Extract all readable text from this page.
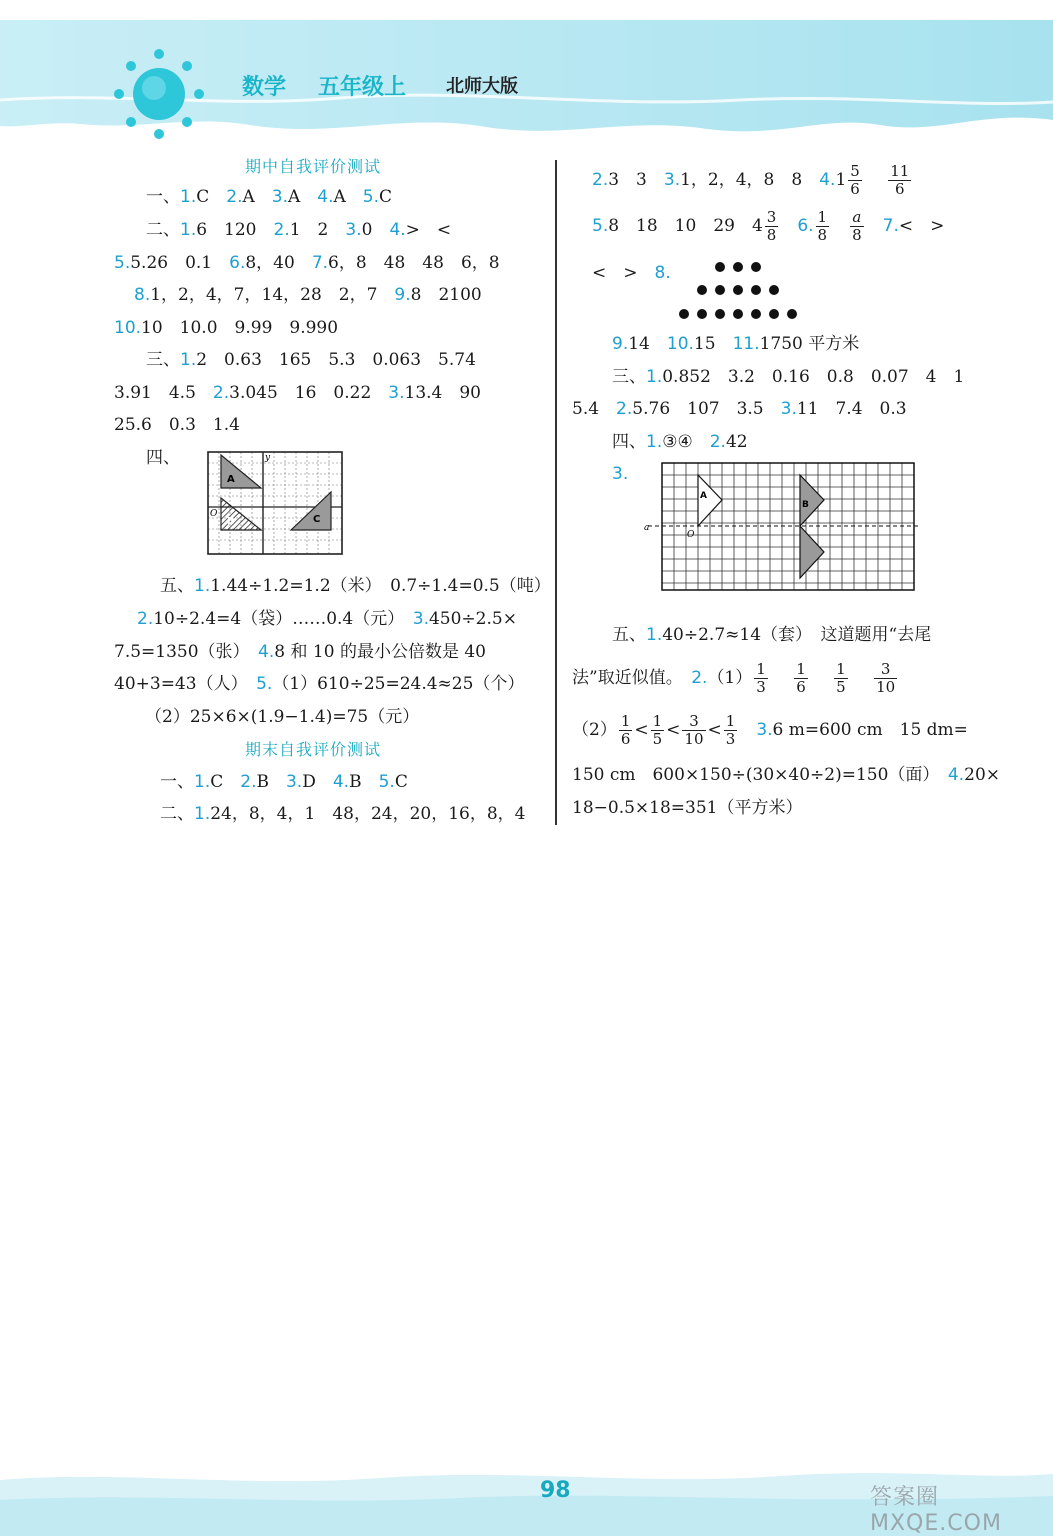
数学 五年级上 北师大版
期中自我评价测试
一、1.C　 2.A　 3.A　 4.A　 5.C
二、1.6　120　 2.1　2　 3.0　 4.>　<
5.5.26　0.1　 6.8，40　 7.6，8　48　48　6，8
8.1，2，4，7，14，28　2，7　 9.8　2100
10.10　10.0　9.99　9.990
三、1.2　0.63　165　5.3　0.063　5.74
3.91　4.5　 2.3.045　16　0.22　 3.13.4　90
25.6　0.3　1.4
四、
A
B	C
O
y
五、1.1.44÷1.2=1.2（米）　0.7÷1.4=0.5（吨）
2.10÷2.4=4（袋）……0.4（元）　 3.450÷2.5×
7.5=1350（张）　 4.8 和 10 的最小公倍数是 40
40+3=43（人）　 5.（1）610÷25=24.4≈25（个）
（2）25×6×(1.9−1.4)=75（元）
期末自我评价测试
一、1.C　 2.B　 3.D　 4.B　 5.C
二、1.24，8，4，1　48，24，20，16，8，4
2.3　3　 3.1，2，4，8　8　 $4.1 \frac{5}{6}$
　 $\frac{11}{6}$
5.8　18　10　29　$4 \frac{3}{8}$
　 6. $\frac{1}{8}$
　 $\frac{a}{8}$
　 7.<　>
<　>　 8.
9.14　 10.15　 11.1750 平方米
三、1.0.852　3.2　0.16　0.8　0.07　4　1
5.4　 2.5.76　107　3.5　 3.11　7.4　0.3
四、1.③④　 2.42
3.
A
B
O
a
五、1.40÷2.7≈14（套）　这道题用“去尾
法”取近似值。　 $2.(1) \frac{1}{3}$
　 $\frac{1}{6}$
　 $\frac{1}{5}$
　 $\frac{3}{10}$
$(2) \frac{1}{6} < \frac{1}{5} < \frac{3}{10} < \frac{1}{3}$
　 3.6 m=600 cm　15 dm=
150 cm　600×150÷(30×40÷2)=150（面）　 4.20×
18−0.5×18=351（平方米）
98	答案圈 MXQE.COM
